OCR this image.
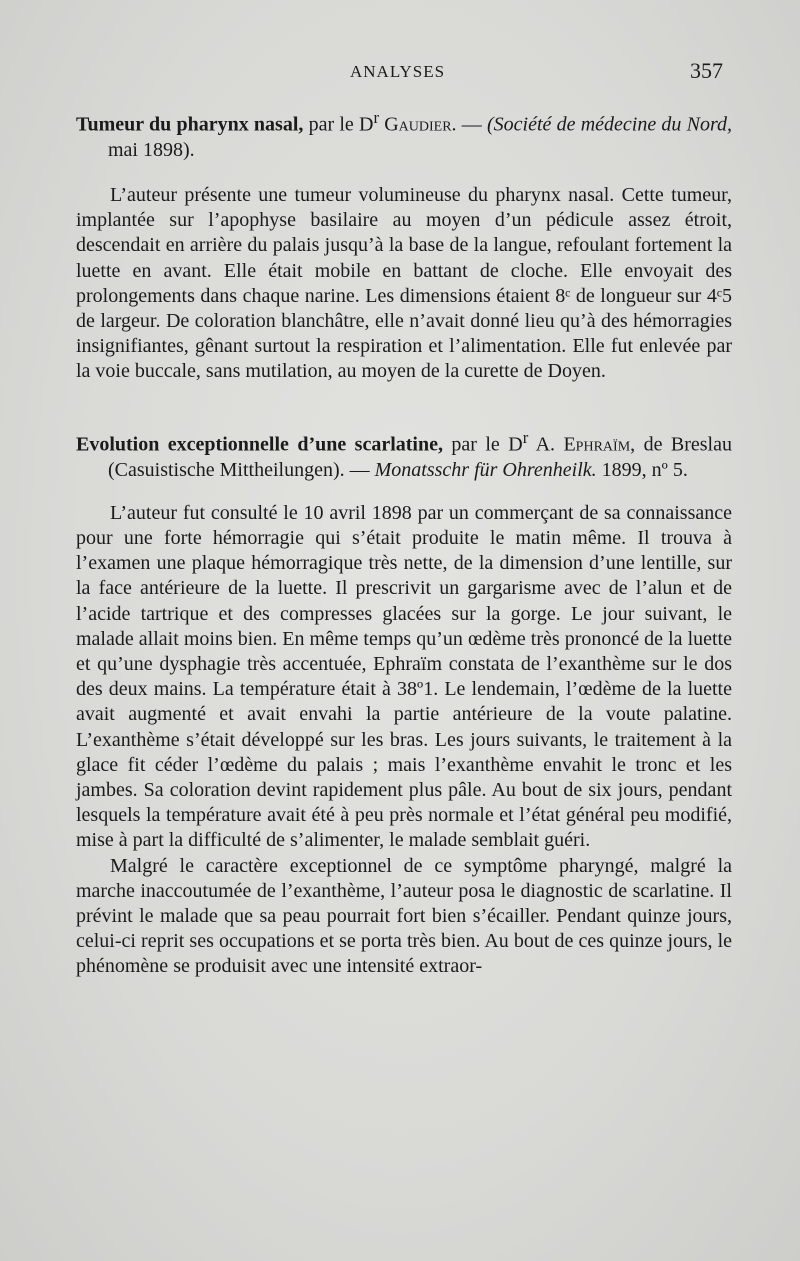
ANALYSES	357

Tumeur du pharynx nasal, par le $D^r$ Gaudier. — (Société de médecine du Nord, mai 1898).

L’auteur présente une tumeur volumineuse du pharynx nasal. Cette tumeur, implantée sur l’apophyse basilaire au moyen d’un pédicule assez étroit, descendait en arrière du palais jusqu’à la base de la langue, refoulant fortement la luette en avant. Elle était mobile en battant de cloche. Elle envoyait des prolongements dans chaque narine. Les dimensions étaient 8ᶜ de longueur sur 4ᶜ5 de largeur. De coloration blanchâtre, elle n’avait donné lieu qu’à des hémorragies insignifiantes, gênant surtout la respiration et l’alimentation. Elle fut enlevée par la voie buccale, sans mutilation, au moyen de la curette de Doyen.

Evolution exceptionnelle d’une scarlatine, par le $D^r$ A. Ephraïm, de Breslau (Casuistische Mittheilungen). — Monatsschr für Ohrenheilk. 1899, nº 5.

L’auteur fut consulté le 10 avril 1898 par un commerçant de sa connaissance pour une forte hémorragie qui s’était produite le matin même. Il trouva à l’examen une plaque hémorragique très nette, de la dimension d’une lentille, sur la face antérieure de la luette. Il prescrivit un gargarisme avec de l’alun et de l’acide tartrique et des compresses glacées sur la gorge. Le jour suivant, le malade allait moins bien. En même temps qu’un œdème très prononcé de la luette et qu’une dysphagie très accentuée, Ephraïm constata de l’exanthème sur le dos des deux mains. La température était à 38º1. Le lendemain, l’œdème de la luette avait augmenté et avait envahi la partie antérieure de la voute palatine. L’exanthème s’était développé sur les bras. Les jours suivants, le traitement à la glace fit céder l’œdème du palais ; mais l’exanthème envahit le tronc et les jambes. Sa coloration devint rapidement plus pâle. Au bout de six jours, pendant lesquels la température avait été à peu près normale et l’état général peu modifié, mise à part la difficulté de s’alimenter, le malade semblait guéri.

Malgré le caractère exceptionnel de ce symptôme pharyngé, malgré la marche inaccoutumée de l’exanthème, l’auteur posa le diagnostic de scarlatine. Il prévint le malade que sa peau pourrait fort bien s’écailler. Pendant quinze jours, celui-ci reprit ses occupations et se porta très bien. Au bout de ces quinze jours, le phénomène se produisit avec une intensité extraor-
